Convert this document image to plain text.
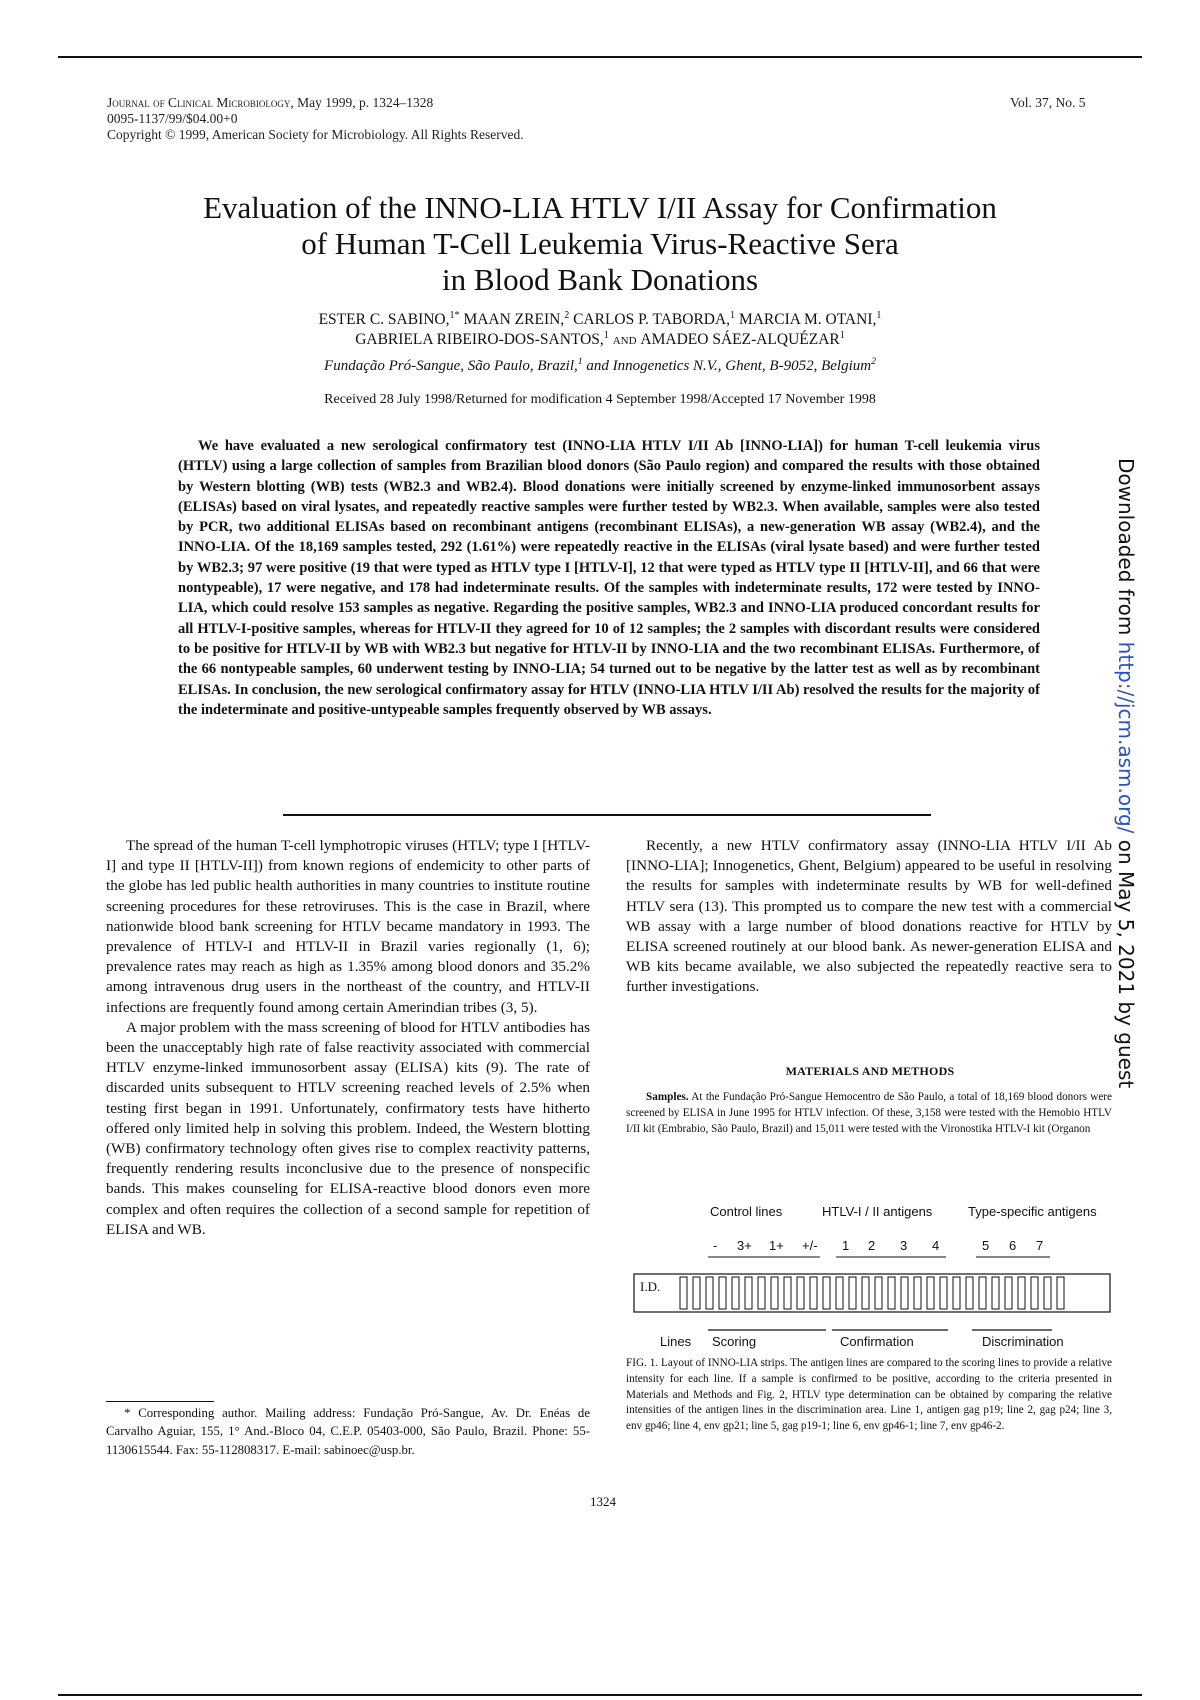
Journal of Clinical Microbiology, May 1999, p. 1324–1328
0095-1137/99/$04.00+0
Copyright © 1999, American Society for Microbiology. All Rights Reserved.
Vol. 37, No. 5
Evaluation of the INNO-LIA HTLV I/II Assay for Confirmation
of Human T-Cell Leukemia Virus-Reactive Sera
in Blood Bank Donations
ESTER C. SABINO,$^{1*}$ MAAN ZREIN,$^2$ CARLOS P. TABORDA,$^1$ MARCIA M. OTANI,$^1$
GABRIELA RIBEIRO-DOS-SANTOS,$^1$ and AMADEO SÁEZ-ALQUÉZAR$^1$
Fundação Pró-Sangue, São Paulo, Brazil,$^1$ and Innogenetics N.V., Ghent, B-9052, Belgium$^2$
Received 28 July 1998/Returned for modification 4 September 1998/Accepted 17 November 1998

We have evaluated a new serological confirmatory test (INNO-LIA HTLV I/II Ab [INNO-LIA]) for human T-cell leukemia virus (HTLV) using a large collection of samples from Brazilian blood donors (São Paulo region) and compared the results with those obtained by Western blotting (WB) tests (WB2.3 and WB2.4). Blood donations were initially screened by enzyme-linked immunosorbent assays (ELISAs) based on viral lysates, and repeatedly reactive samples were further tested by WB2.3. When available, samples were also tested by PCR, two additional ELISAs based on recombinant antigens (recombinant ELISAs), a new-generation WB assay (WB2.4), and the INNO-LIA. Of the 18,169 samples tested, 292 (1.61%) were repeatedly reactive in the ELISAs (viral lysate based) and were further tested by WB2.3; 97 were positive (19 that were typed as HTLV type I [HTLV-I], 12 that were typed as HTLV type II [HTLV-II], and 66 that were nontypeable), 17 were negative, and 178 had indeterminate results. Of the samples with indeterminate results, 172 were tested by INNO-LIA, which could resolve 153 samples as negative. Regarding the positive samples, WB2.3 and INNO-LIA produced concordant results for all HTLV-I-positive samples, whereas for HTLV-II they agreed for 10 of 12 samples; the 2 samples with discordant results were considered to be positive for HTLV-II by WB with WB2.3 but negative for HTLV-II by INNO-LIA and the two recombinant ELISAs. Furthermore, of the 66 nontypeable samples, 60 underwent testing by INNO-LIA; 54 turned out to be negative by the latter test as well as by recombinant ELISAs. In conclusion, the new serological confirmatory assay for HTLV (INNO-LIA HTLV I/II Ab) resolved the results for the majority of the indeterminate and positive-untypeable samples frequently observed by WB assays.

The spread of the human T-cell lymphotropic viruses (HTLV; type I [HTLV-I] and type II [HTLV-II]) from known regions of endemicity to other parts of the globe has led public health authorities in many countries to institute routine screening procedures for these retroviruses. This is the case in Brazil, where nationwide blood bank screening for HTLV became mandatory in 1993. The prevalence of HTLV-I and HTLV-II in Brazil varies regionally (1, 6); prevalence rates may reach as high as 1.35% among blood donors and 35.2% among intravenous drug users in the northeast of the country, and HTLV-II infections are frequently found among certain Amerindian tribes (3, 5).

A major problem with the mass screening of blood for HTLV antibodies has been the unacceptably high rate of false reactivity associated with commercial HTLV enzyme-linked immunosorbent assay (ELISA) kits (9). The rate of discarded units subsequent to HTLV screening reached levels of 2.5% when testing first began in 1991. Unfortunately, confirmatory tests have hitherto offered only limited help in solving this problem. Indeed, the Western blotting (WB) confirmatory technology often gives rise to complex reactivity patterns, frequently rendering results inconclusive due to the presence of nonspecific bands. This makes counseling for ELISA-reactive blood donors even more complex and often requires the collection of a second sample for repetition of ELISA and WB.

* Corresponding author. Mailing address: Fundação Pró-Sangue, Av. Dr. Enéas de Carvalho Aguiar, 155, 1° And.-Bloco 04, C.E.P. 05403-000, São Paulo, Brazil. Phone: 55-1130615544. Fax: 55-112808317. E-mail: sabinoec@usp.br.

Recently, a new HTLV confirmatory assay (INNO-LIA HTLV I/II Ab [INNO-LIA]; Innogenetics, Ghent, Belgium) appeared to be useful in resolving the results for samples with indeterminate results by WB for well-defined HTLV sera (13). This prompted us to compare the new test with a commercial WB assay with a large number of blood donations reactive for HTLV by ELISA screened routinely at our blood bank. As newer-generation ELISA and WB kits became available, we also subjected the repeatedly reactive sera to further investigations.

MATERIALS AND METHODS

Samples. At the Fundação Pró-Sangue Hemocentro de São Paulo, a total of 18,169 blood donors were screened by ELISA in June 1995 for HTLV infection. Of these, 3,158 were tested with the Hemobio HTLV I/II kit (Embrabio, São Paulo, Brazil) and 15,011 were tested with the Vironostika HTLV-I kit (Organon

Control lines	HTLV-I / II antigens	Type-specific antigens
- 3+ 1+ +/- 1 2 3 4	5 6 7
I.D.
Lines Scoring	Confirmation	Discrimination

FIG. 1. Layout of INNO-LIA strips. The antigen lines are compared to the scoring lines to provide a relative intensity for each line. If a sample is confirmed to be positive, according to the criteria presented in Materials and Methods and Fig. 2, HTLV type determination can be obtained by comparing the relative intensities of the antigen lines in the discrimination area. Line 1, antigen gag p19; line 2, gag p24; line 3, env gp46; line 4, env gp21; line 5, gag p19-1; line 6, env gp46-1; line 7, env gp46-2.

1324
Downloaded from http://jcm.asm.org/ on May 5, 2021 by guest
